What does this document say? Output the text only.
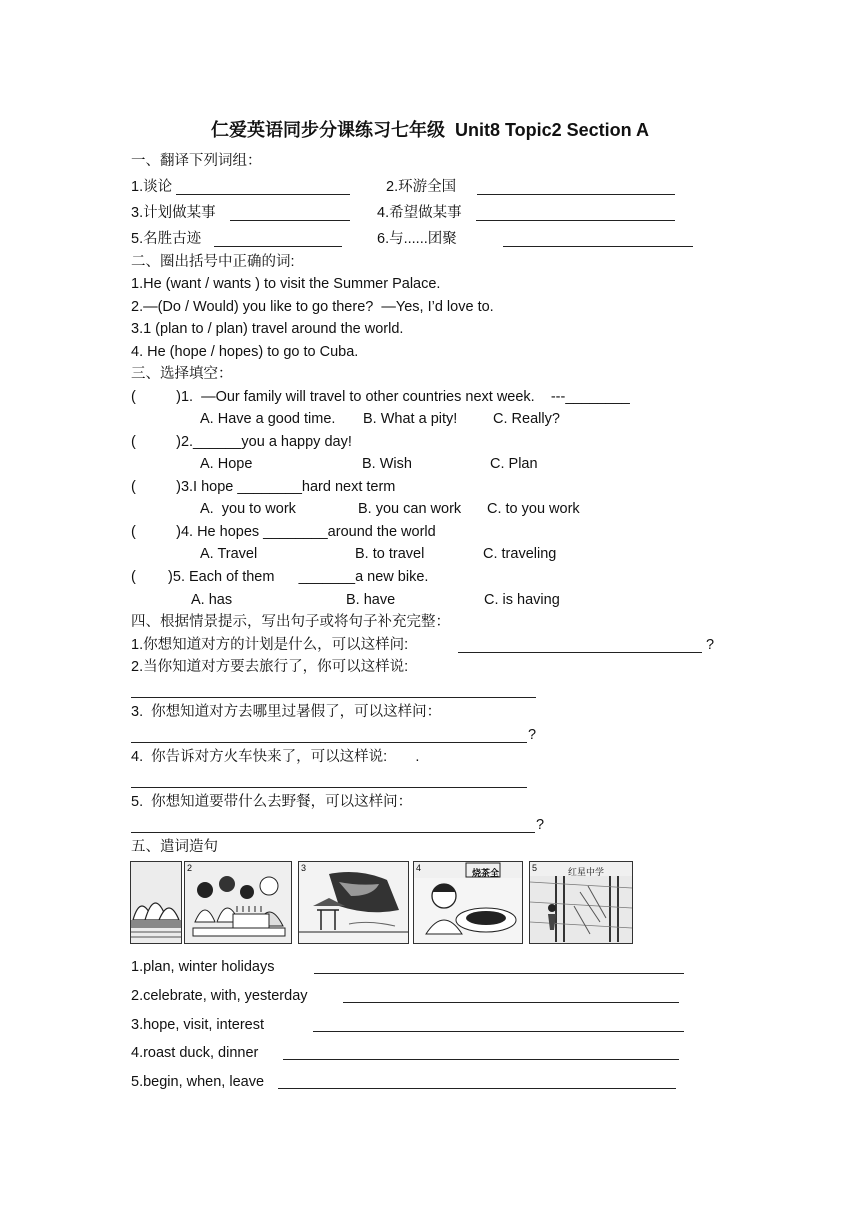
仁爱英语同步分课练习七年级  Unit8 Topic2 Section A
一、翻译下列词组：
1.谈论	2.环游全国
3.计划做某事	4.希望做某事
5.名胜古迹	6.与......团聚
二、圈出括号中正确的词:
1.He (want / wants ) to visit the Summer Palace.
2.—(Do / Would) you like to go there?  —Yes, I’d love to.
3.1 (plan to / plan) travel around the world.
4. He (hope / hopes) to go to Cuba.
三、选择填空：
(          )1.  —Our family will travel to other countries next week.    ---________
A. Have a good time. B. What a pity! C. Really?
(          )2.______you a happy day!
A. Hope	B. Wish	C. Plan
(          )3.I hope ________hard next term
A.  you to work	B. you can work C. to you work
(          )4. He hopes ________around the world
A. Travel	B. to travel	C. traveling
(        )5. Each of them      _______a new bike.
A. has	B. have	C. is having
四、根据情景提示，写出句子或将句子补充完整：
1.你想知道对方的计划是什么，可以这样问:	?
2.当你知道对方要去旅行了，你可以这样说:
3.  你想知道对方去哪里过暑假了，可以这样问：
?
4.  你告诉对方火车快来了，可以这样说:       .
5.  你想知道要带什么去野餐，可以这样问：
?
五、遣词造句
2	3	4
烧茶全
5	红星中学
1.plan, winter holidays
2.celebrate, with, yesterday
3.hope, visit, interest
4.roast duck, dinner
5.begin, when, leave
